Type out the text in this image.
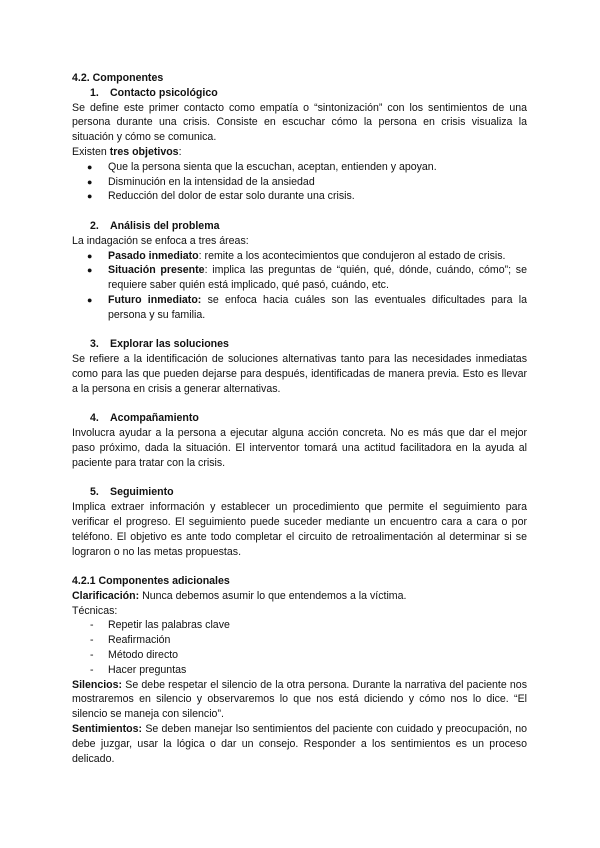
4.2. Componentes
1. Contacto psicológico

Se define este primer contacto como empatía o “sintonización” con los sentimientos de una persona durante una crisis. Consiste en escuchar cómo la persona en crisis visualiza la situación y cómo se comunica.

Existen tres objetivos:

● Que la persona sienta que la escuchan, aceptan, entienden y apoyan.
● Disminución en la intensidad de la ansiedad
● Reducción del dolor de estar solo durante una crisis.
2. Análisis del problema

La indagación se enfoca a tres áreas:

● Pasado inmediato: remite a los acontecimientos que condujeron al estado de crisis.
● Situación presente: implica las preguntas de “quién, qué, dónde, cuándo, cómo”; se requiere saber quién está implicado, qué pasó, cuándo, etc.
● Futuro inmediato: se enfoca hacia cuáles son las eventuales dificultades para la persona y su familia.
3. Explorar las soluciones

Se refiere a la identificación de soluciones alternativas tanto para las necesidades inmediatas como para las que pueden dejarse para después, identificadas de manera previa. Esto es llevar a la persona en crisis a generar alternativas.

4. Acompañamiento

Involucra ayudar a la persona a ejecutar alguna acción concreta. No es más que dar el mejor paso próximo, dada la situación. El interventor tomará una actitud facilitadora en la ayuda al paciente para tratar con la crisis.

5. Seguimiento

Implica extraer información y establecer un procedimiento que permite el seguimiento para verificar el progreso. El seguimiento puede suceder mediante un encuentro cara a cara o por teléfono. El objetivo es ante todo completar el circuito de retroalimentación al determinar si se lograron o no las metas propuestas.

4.2.1 Componentes adicionales

Clarificación: Nunca debemos asumir lo que entendemos a la víctima.

Técnicas:

- Repetir las palabras clave
- Reafirmación
- Método directo
- Hacer preguntas

Silencios: Se debe respetar el silencio de la otra persona. Durante la narrativa del paciente nos mostraremos en silencio y observaremos lo que nos está diciendo y cómo nos lo dice. “El silencio se maneja con silencio”.

Sentimientos: Se deben manejar lso sentimientos del paciente con cuidado y preocupación, no debe juzgar, usar la lógica o dar un consejo. Responder a los sentimientos es un proceso delicado.
